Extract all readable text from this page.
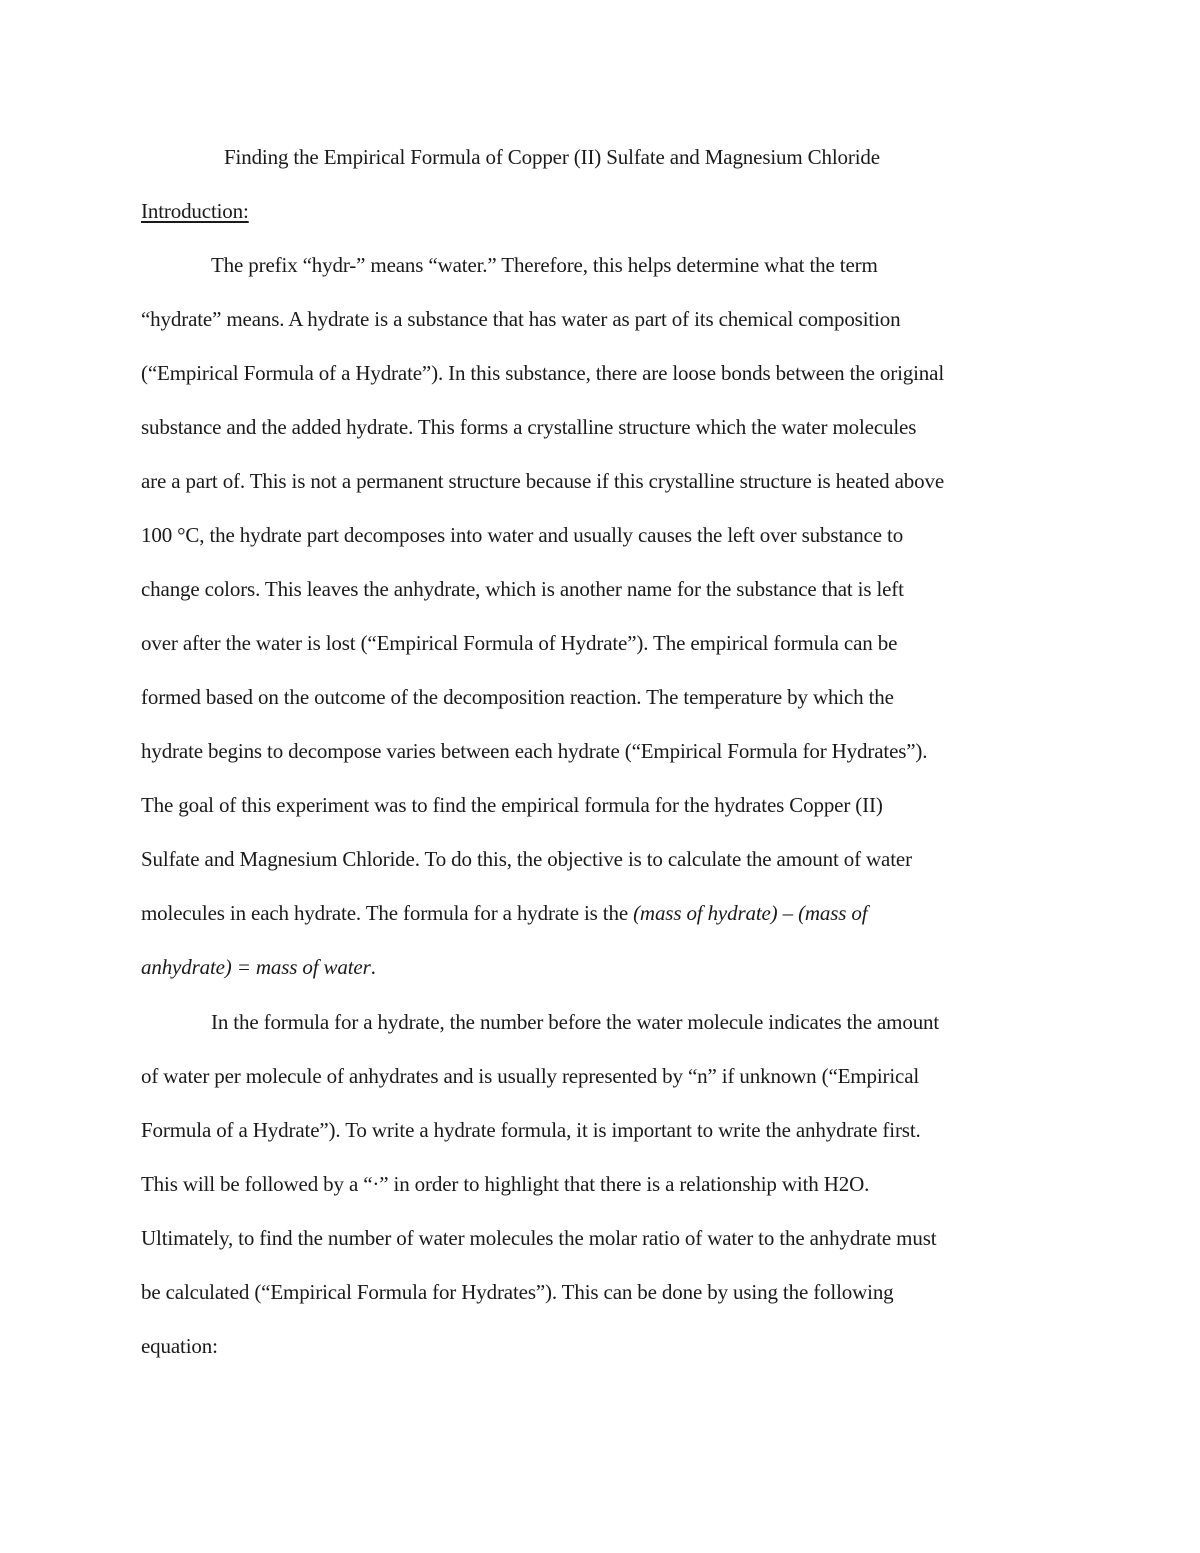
Finding the Empirical Formula of Copper (II) Sulfate and Magnesium Chloride
Introduction:
The prefix “hydr-” means “water.” Therefore, this helps determine what the term
“hydrate” means. A hydrate is a substance that has water as part of its chemical composition
(“Empirical Formula of a Hydrate”). In this substance, there are loose bonds between the original
substance and the added hydrate. This forms a crystalline structure which the water molecules
are a part of. This is not a permanent structure because if this crystalline structure is heated above
100 °C, the hydrate part decomposes into water and usually causes the left over substance to
change colors. This leaves the anhydrate, which is another name for the substance that is left
over after the water is lost (“Empirical Formula of Hydrate”). The empirical formula can be
formed based on the outcome of the decomposition reaction. The temperature by which the
hydrate begins to decompose varies between each hydrate (“Empirical Formula for Hydrates”).
The goal of this experiment was to find the empirical formula for the hydrates Copper (II)
Sulfate and Magnesium Chloride. To do this, the objective is to calculate the amount of water
molecules in each hydrate. The formula for a hydrate is the (mass of hydrate) – (mass of
anhydrate) = mass of water.
In the formula for a hydrate, the number before the water molecule indicates the amount
of water per molecule of anhydrates and is usually represented by “n” if unknown (“Empirical
Formula of a Hydrate”). To write a hydrate formula, it is important to write the anhydrate first.
This will be followed by a “·” in order to highlight that there is a relationship with H2O.
Ultimately, to find the number of water molecules the molar ratio of water to the anhydrate must
be calculated (“Empirical Formula for Hydrates”). This can be done by using the following
equation:
